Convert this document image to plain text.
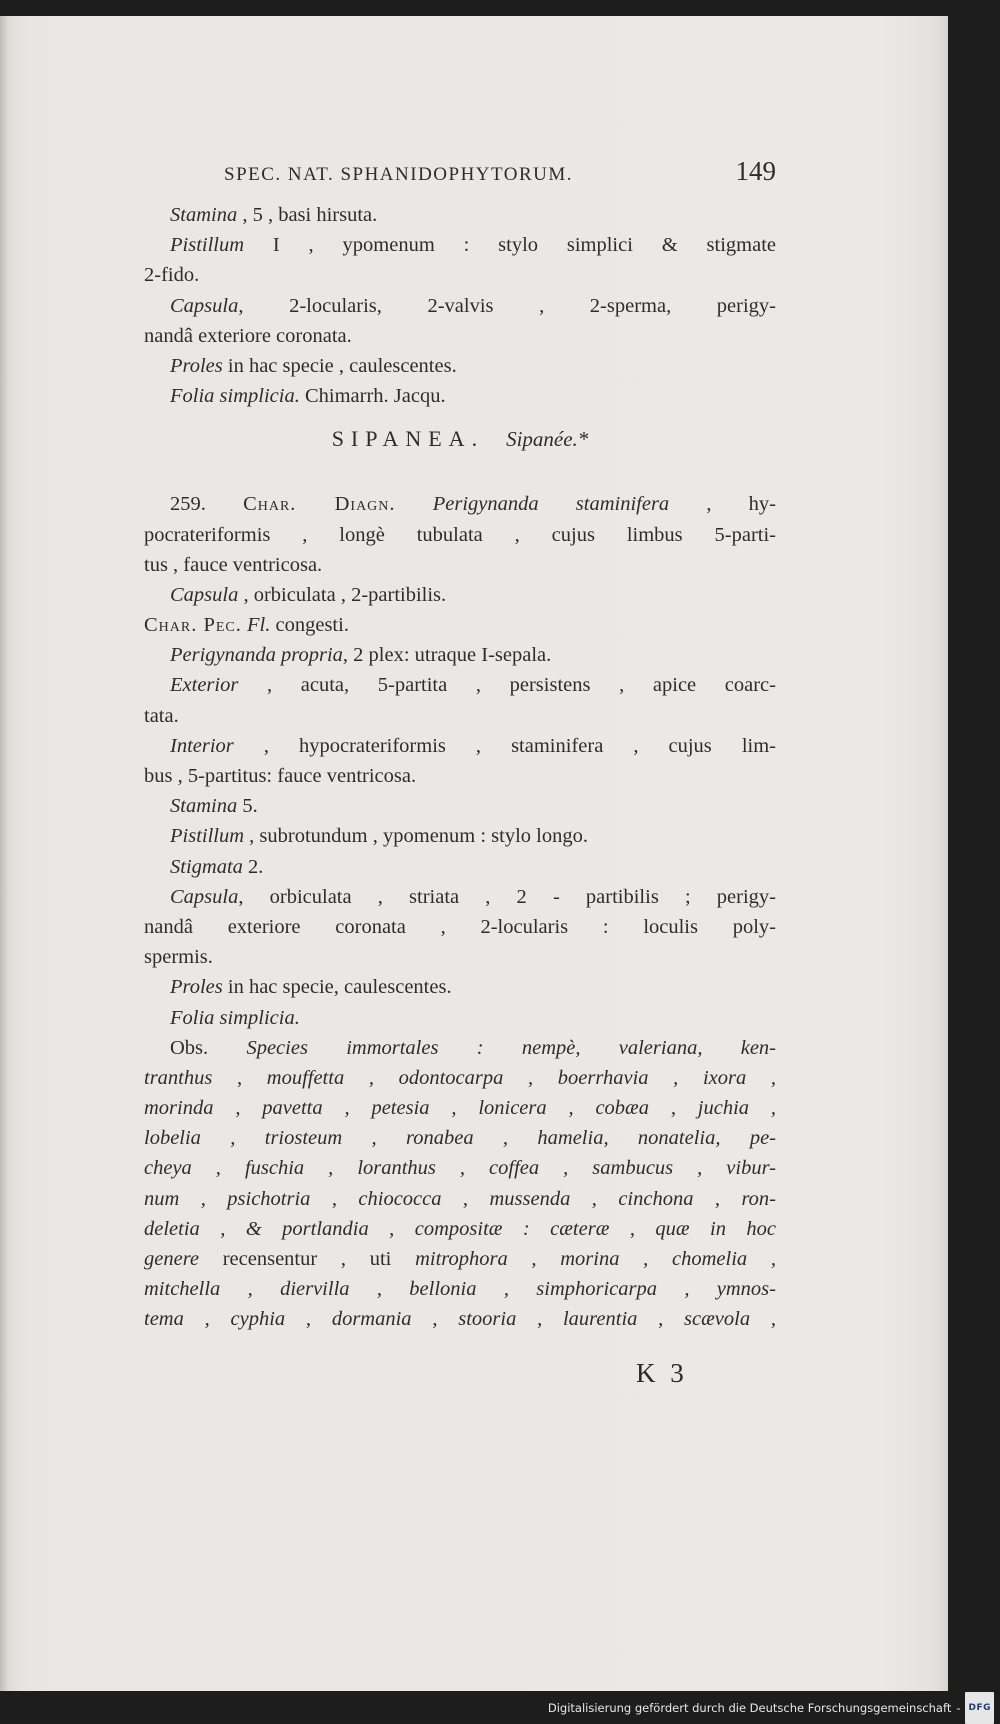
SPEC. NAT. SPHANIDOPHYTORUM.	149
Stamina , 5 , basi hirsuta.
Pistillum I , ypomenum : stylo simplici & stigmate
2-fido.
Capsula, 2-locularis, 2-valvis , 2-sperma, perigy-
nandâ exteriore coronata.
Proles in hac specie , caulescentes.
Folia simplicia. Chimarrh. Jacqu.
SIPANEA. Sipanée.*
259. Char. Diagn. Perigynanda staminifera , hy-
pocrateriformis , longè tubulata , cujus limbus 5-parti-
tus , fauce ventricosa.
Capsula , orbiculata , 2-partibilis.
Char. Pec. Fl. congesti.
Perigynanda propria, 2 plex: utraque I-sepala.
Exterior , acuta, 5-partita , persistens , apice coarc-
tata.
Interior , hypocrateriformis , staminifera , cujus lim-
bus , 5-partitus: fauce ventricosa.
Stamina 5.
Pistillum , subrotundum , ypomenum : stylo longo.
Stigmata 2.
Capsula, orbiculata , striata , 2 - partibilis ; perigy-
nandâ exteriore coronata , 2-locularis : loculis poly-
spermis.
Proles in hac specie, caulescentes.
Folia simplicia.
Obs. Species immortales : nempè, valeriana, ken-
tranthus , mouffetta , odontocarpa , boerrhavia , ixora ,
morinda , pavetta , petesia , lonicera , cobæa , juchia ,
lobelia , triosteum , ronabea , hamelia, nonatelia, pe-
cheya , fuschia , loranthus , coffea , sambucus , vibur-
num , psichotria , chiococca , mussenda , cinchona , ron-
deletia , & portlandia , compositæ : cæteræ , quæ in hoc
genere recensentur , uti mitrophora , morina , chomelia ,
mitchella , diervilla , bellonia , simphoricarpa , ymnos-
tema , cyphia , dormania , stooria , laurentia , scævola ,
K 3
Digitalisierung gefördert durch die Deutsche Forschungsgemeinschaft - DFG
